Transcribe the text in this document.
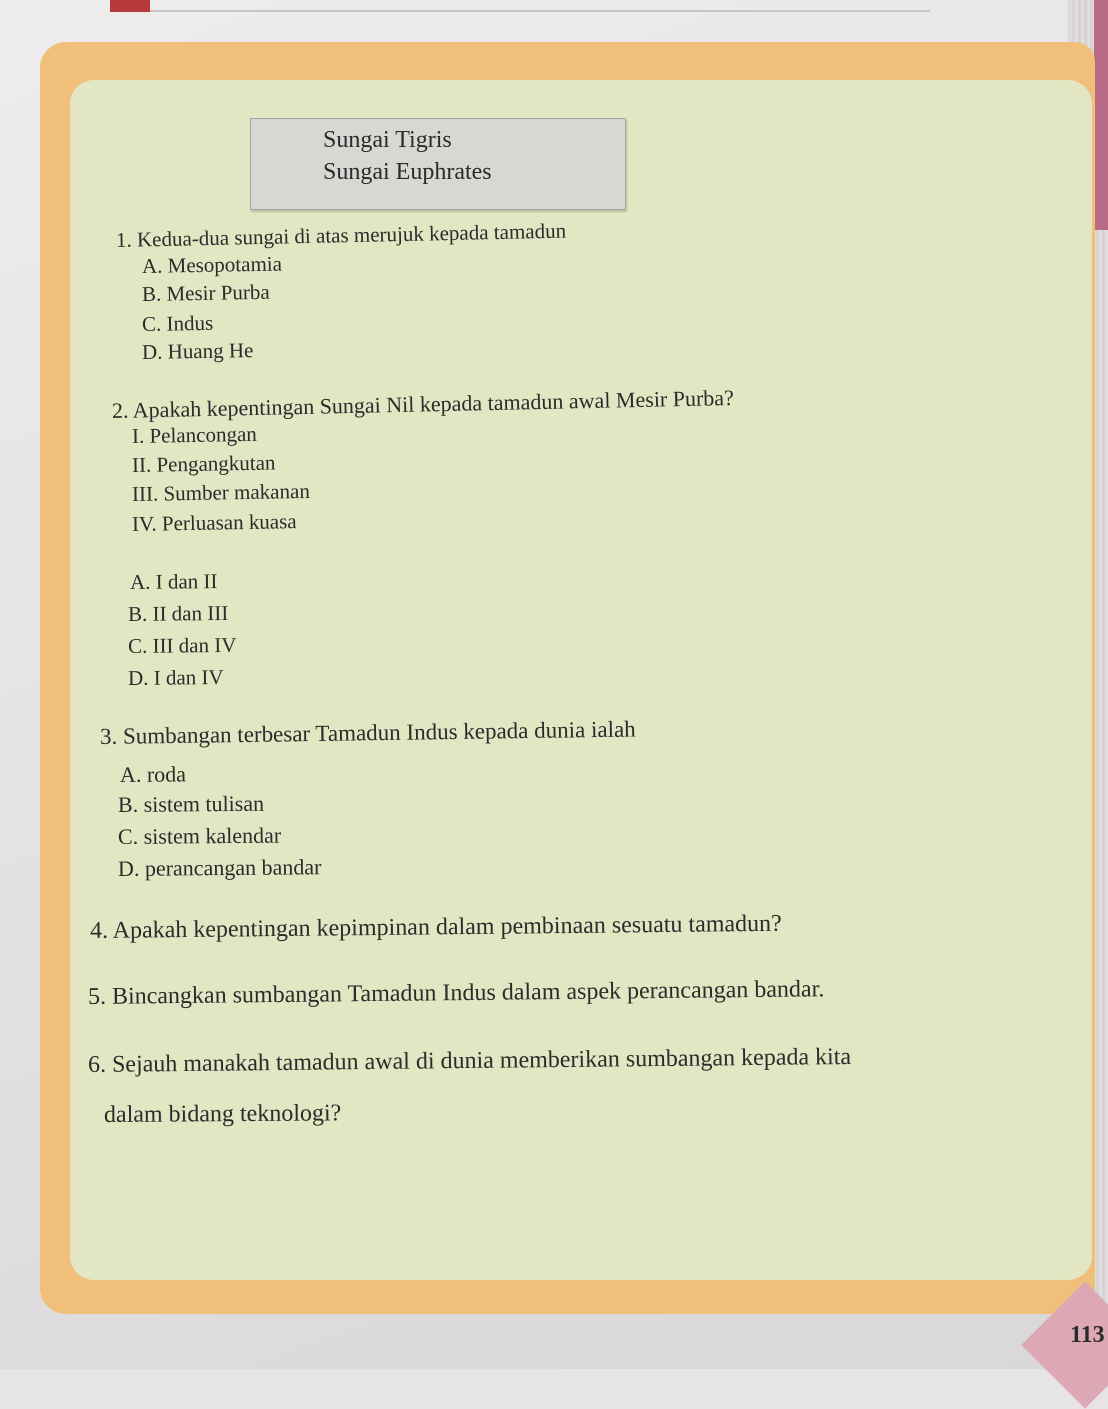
Sungai Tigris
Sungai Euphrates
1. Kedua-dua sungai di atas merujuk kepada tamadun
A. Mesopotamia
B. Mesir Purba
C. Indus
D. Huang He
2. Apakah kepentingan Sungai Nil kepada tamadun awal Mesir Purba?
I. Pelancongan
II. Pengangkutan
III. Sumber makanan
IV. Perluasan kuasa
A. I dan II
B. II dan III
C. III dan IV
D. I dan IV
3. Sumbangan terbesar Tamadun Indus kepada dunia ialah
A. roda
B. sistem tulisan
C. sistem kalendar
D. perancangan bandar
4. Apakah kepentingan kepimpinan dalam pembinaan sesuatu tamadun?
5. Bincangkan sumbangan Tamadun Indus dalam aspek perancangan bandar.
6. Sejauh manakah tamadun awal di dunia memberikan sumbangan kepada kita
dalam bidang teknologi?
113
